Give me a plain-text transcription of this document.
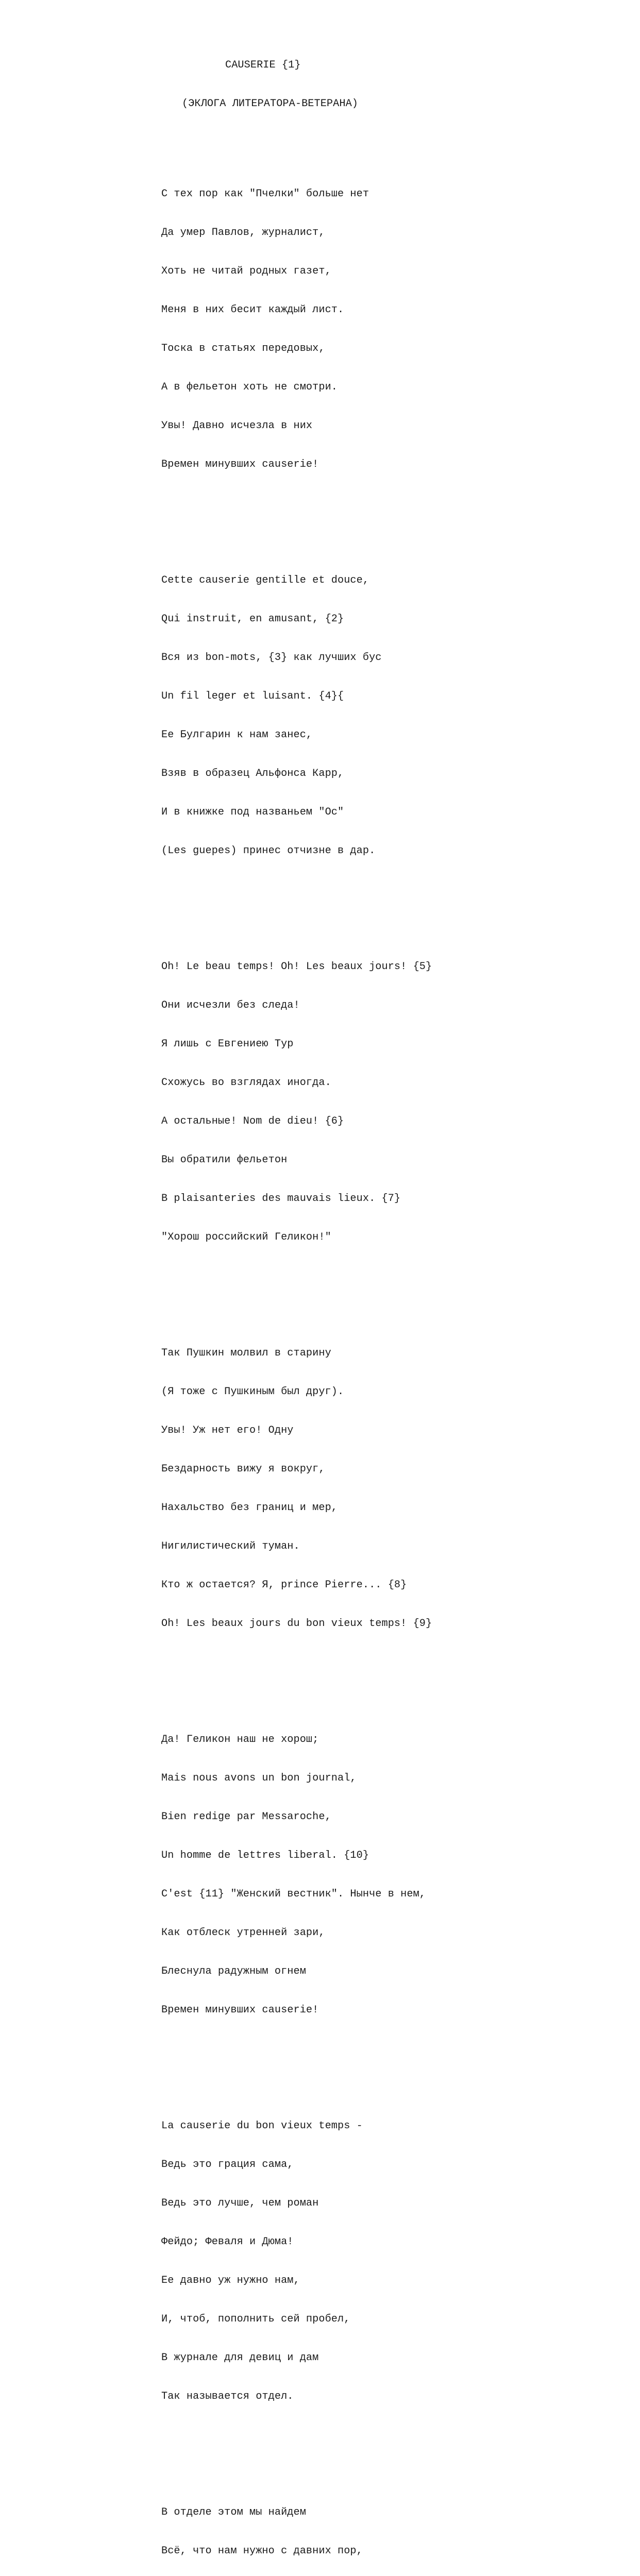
CAUSERIE {1}

(ЭКЛОГА ЛИТЕРАТОРА-ВЕТЕРАНА)

С тех пор как "Пчелки" больше нет

Да умер Павлов, журналист,

Хоть не читай родных газет,

Меня в них бесит каждый лист.

Тоска в статьях передовых,

А в фельетон хоть не смотри.

Увы! Давно исчезла в них

Времен минувших causerie!

Cette causerie gentille et douce,

Qui instruit, en amusant, {2}

Вся из bon-mots, {3} как лучших бус

Un fil leger et luisant. {4}{

Ее Булгарин к нам занес,

Взяв в образец Альфонса Карр,

И в книжке под названьем "Ос"

(Les guepes) принес отчизне в дар.

Oh! Le beau temps! Oh! Les beaux jours! {5}

Они исчезли без следа!

Я лишь с Евгениею Тур

Схожусь во взглядах иногда.

А остальные! Nom de dieu! {6}

Вы обратили фельетон

В plaisanteries des mauvais lieux. {7}

"Хорош российский Геликон!"

Так Пушкин молвил в старину

(Я тоже с Пушкиным был друг).

Увы! Уж нет его! Одну

Бездарность вижу я вокруг,

Нахальство без границ и мер,

Нигилистический туман.

Кто ж остается? Я, prince Pierre... {8}

Oh! Les beaux jours du bon vieux temps! {9}

Да! Геликон наш не хорош;

Mais nous avons un bon journal,

Bien redige par Messaroche,

Un homme de lettres liberal. {10}

C'est {11} "Женский вестник". Нынче в нем,

Как отблеск утренней зари,

Блеснула радужным огнем

Времен минувших causerie!

La causerie du bon vieux temps -

Ведь это грация сама,

Ведь это лучше, чем роман

Фейдо; Феваля и Дюма!

Ее давно уж нужно нам,

И, чтоб, пополнить сей пробел,

В журнале для девиц и дам

Так называется отдел.

В отделе этом мы найдем

Всё, что нам нужно с давних пор,
